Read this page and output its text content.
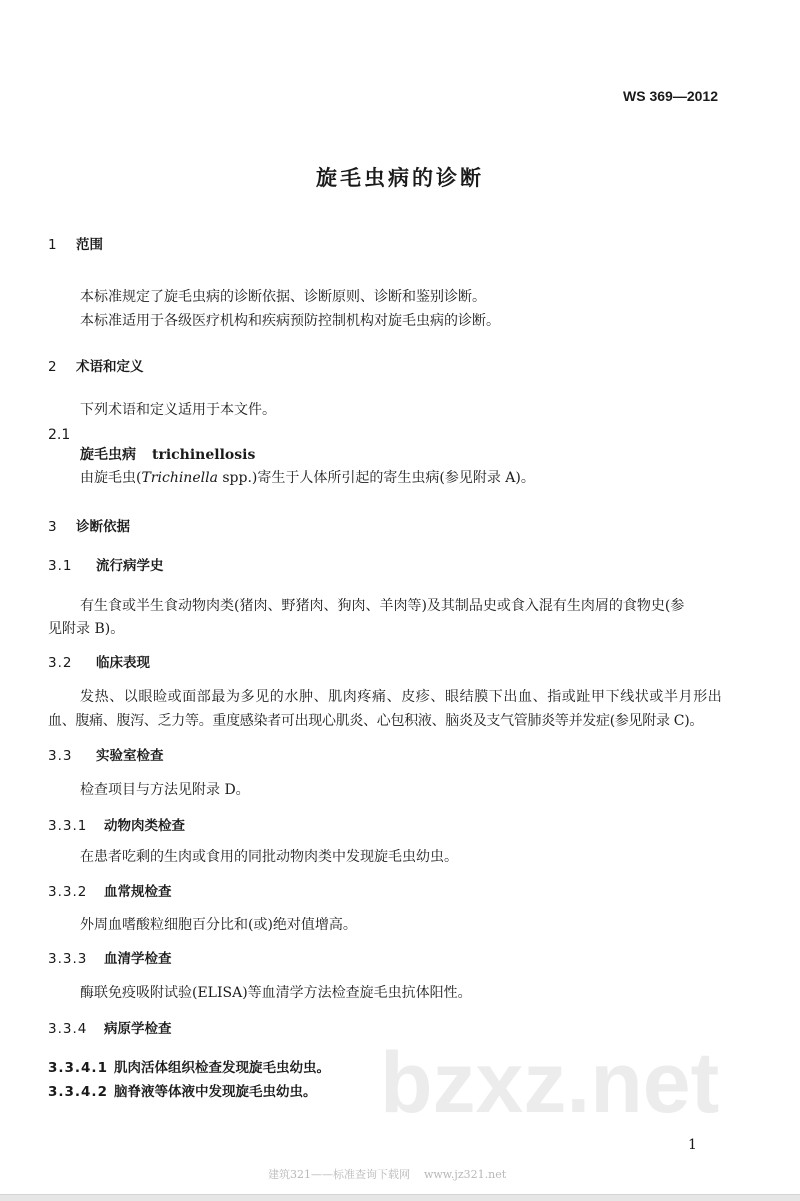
WS 369—2012
旋毛虫病的诊断
1 范围
本标准规定了旋毛虫病的诊断依据、诊断原则、诊断和鉴别诊断。
本标准适用于各级医疗机构和疾病预防控制机构对旋毛虫病的诊断。
2 术语和定义
下列术语和定义适用于本文件。
2.1
旋毛虫病 trichinellosis
由旋毛虫(Trichinella spp.)寄生于人体所引起的寄生虫病(参见附录 A)。
3 诊断依据
3.1 流行病学史
有生食或半生食动物肉类(猪肉、野猪肉、狗肉、羊肉等)及其制品史或食入混有生肉屑的食物史(参
见附录 B)。
3.2 临床表现
发热、以眼睑或面部最为多见的水肿、肌肉疼痛、皮疹、眼结膜下出血、指或趾甲下线状或半月形出
血、腹痛、腹泻、乏力等。重度感染者可出现心肌炎、心包积液、脑炎及支气管肺炎等并发症(参见附录 C)。
3.3 实验室检查
检查项目与方法见附录 D。
3.3.1 动物肉类检查
在患者吃剩的生肉或食用的同批动物肉类中发现旋毛虫幼虫。
3.3.2 血常规检查
外周血嗜酸粒细胞百分比和(或)绝对值增高。
3.3.3 血清学检查
酶联免疫吸附试验(ELISA)等血清学方法检查旋毛虫抗体阳性。
3.3.4 病原学检查
bzxz.net
3.3.4.1 肌肉活体组织检查发现旋毛虫幼虫。
3.3.4.2 脑脊液等体液中发现旋毛虫幼虫。
1
建筑321——标准查询下载网    www.jz321.net
